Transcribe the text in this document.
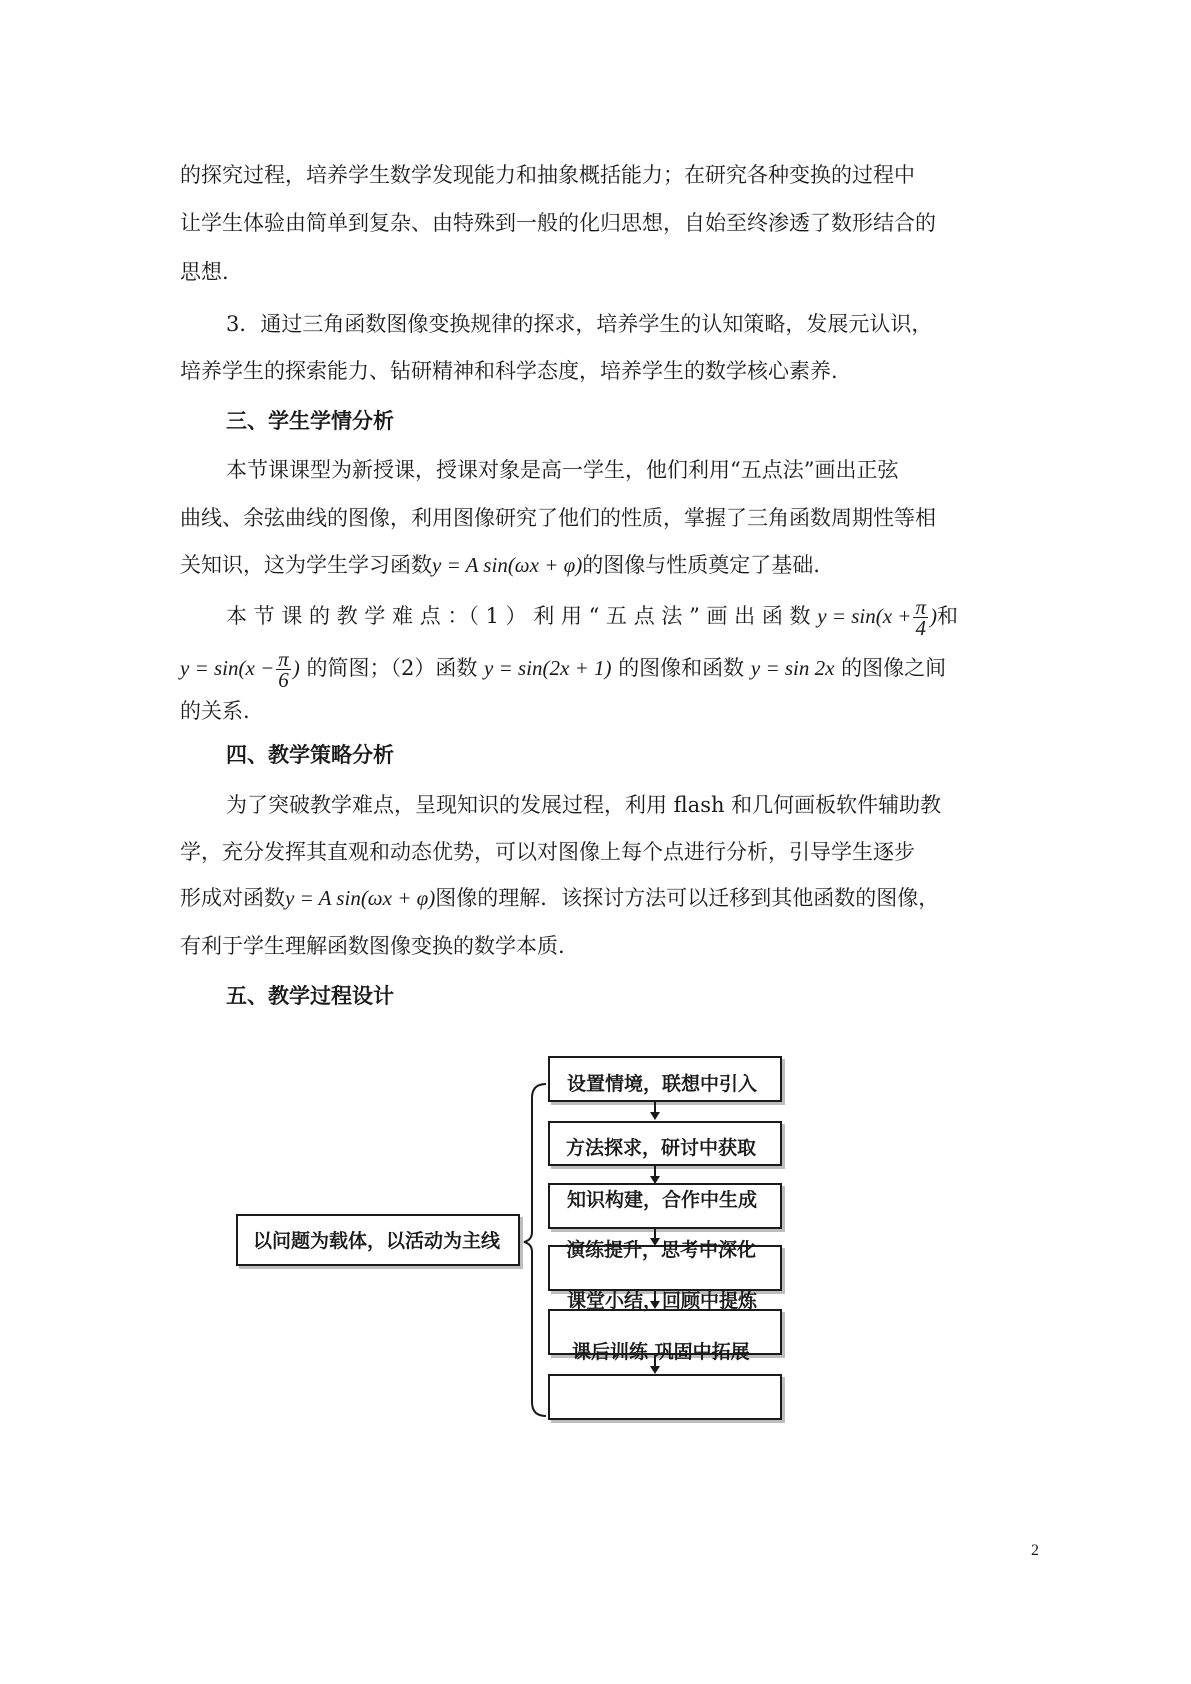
的探究过程，培养学生数学发现能力和抽象概括能力；在研究各种变换的过程中
让学生体验由简单到复杂、由特殊到一般的化归思想，自始至终渗透了数形结合的
思想.
3．通过三角函数图像变换规律的探求，培养学生的认知策略，发展元认识，
培养学生的探索能力、钻研精神和科学态度，培养学生的数学核心素养.
三、学生学情分析
本节课课型为新授课，授课对象是高一学生，他们利用“五点法”画出正弦
曲线、余弦曲线的图像，利用图像研究了他们的性质，掌握了三角函数周期性等相
关知识，这为学生学习函数y = A sin(ωx + φ)的图像与性质奠定了基础.
本 节 课 的 教 学 难 点 ：（ 1 ） 利 用 “ 五 点 法 ” 画 出 函 数 $y = \sin(x + \frac{\pi}{4}$ )和
$y = \sin(x - \frac{\pi}{6}$ ) 的简图；（2）函数 y = sin(2x + 1) 的图像和函数 y = sin 2x 的图像之间
的关系.
四、教学策略分析
为了突破教学难点，呈现知识的发展过程，利用 flash 和几何画板软件辅助教
学，充分发挥其直观和动态优势，可以对图像上每个点进行分析，引导学生逐步
形成对函数y = A sin(ωx + φ)图像的理解．该探讨方法可以迁移到其他函数的图像，
有利于学生理解函数图像变换的数学本质.
五、教学过程设计
以问题为载体，以活动为主线
设置情境，联想中引入
方法探求，研讨中获取
知识构建，合作中生成
演练提升，思考中深化
课堂小结，回顾中提炼
课后训练 巩固中拓展
2
